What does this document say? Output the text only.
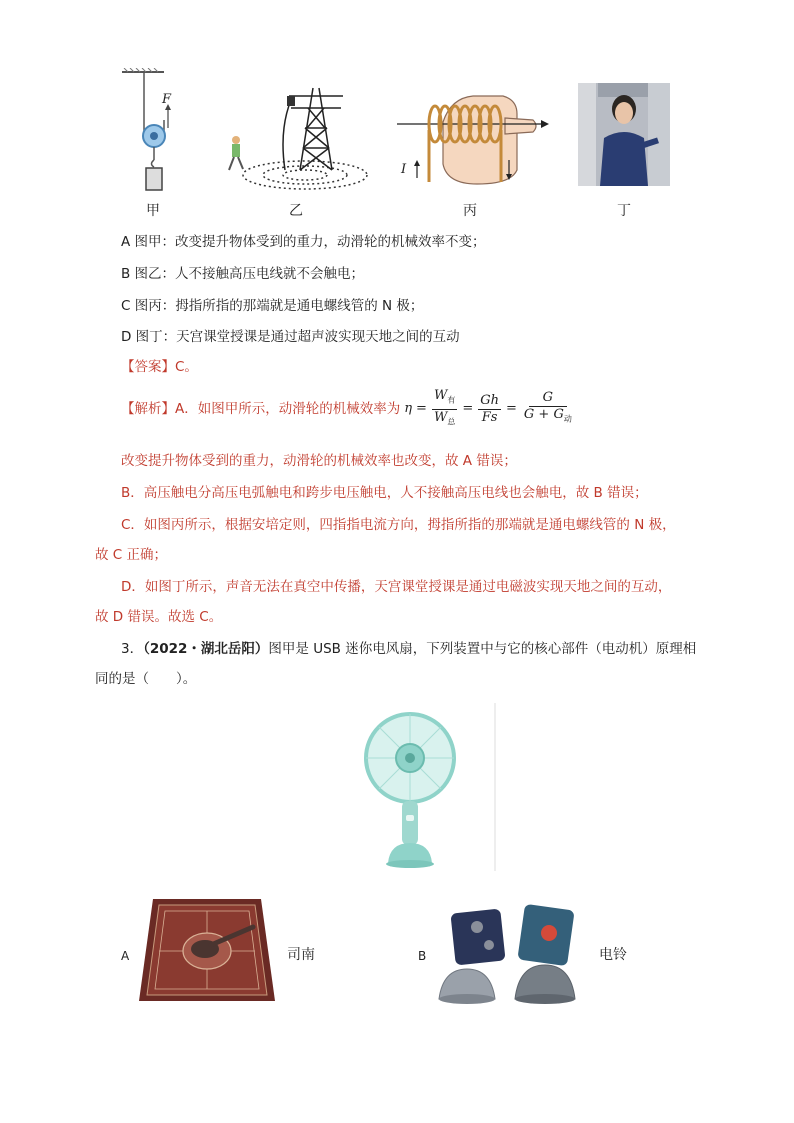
F
I
甲	乙	丙	丁
A 图甲：改变提升物体受到的重力，动滑轮的机械效率不变；
B 图乙：人不接触高压电线就不会触电；
C 图丙：拇指所指的那端就是通电螺线管的 N 极；
D 图丁：天宫课堂授课是通过超声波实现天地之间的互动
【答案】C。
【解析】 A．如图甲所示，动滑轮的机械效率为 $\eta = \frac{W_有}{W_总} = \frac{Gh}{Fs} = \frac{G}{G + G_动}$
改变提升物体受到的重力，动滑轮的机械效率也改变，故 A 错误；
B．高压触电分高压电弧触电和跨步电压触电，人不接触高压电线也会触电，故 B 错误；
C．如图丙所示，根据安培定则，四指指电流方向，拇指所指的那端就是通电螺线管的 N 极，
故 C 正确；
D．如图丁所示，声音无法在真空中传播，天宫课堂授课是通过电磁波实现天地之间的互动，
故 D 错误。故选 C。
3．（2022・湖北岳阳）图甲是 USB 迷你电风扇，下列装置中与它的核心部件（电动机）原理相
同的是（　　）。
A	司南	B	电铃
